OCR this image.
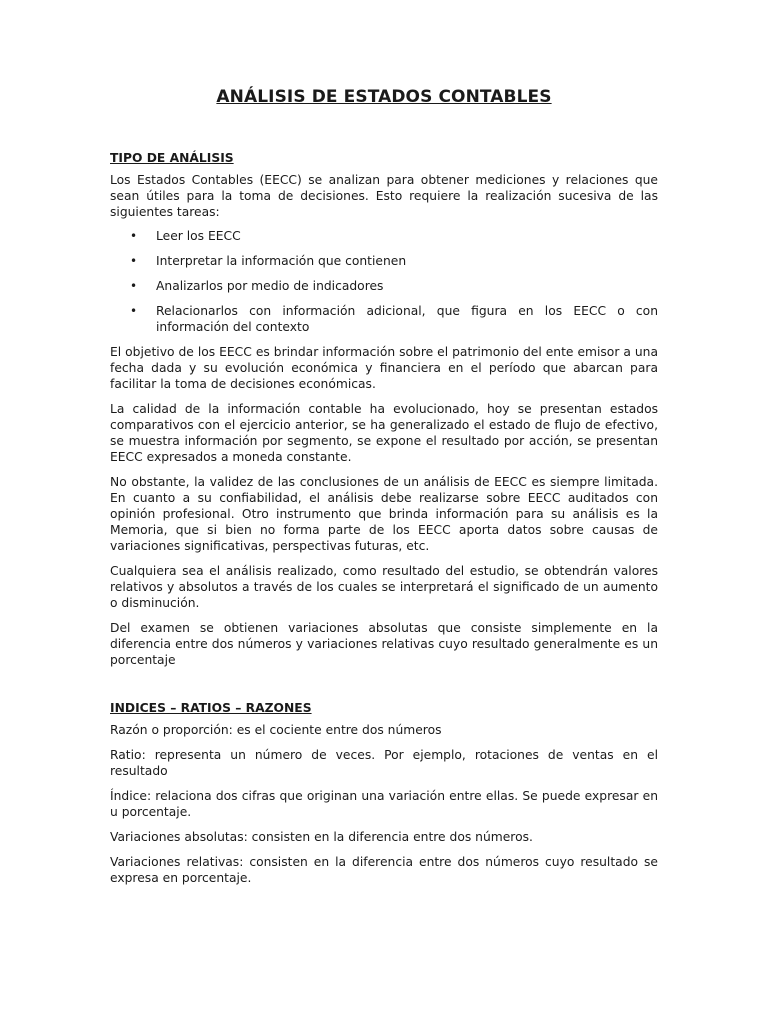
ANÁLISIS DE ESTADOS CONTABLES
TIPO DE ANÁLISIS

Los Estados Contables (EECC) se analizan para obtener mediciones y relaciones que sean útiles para la toma de decisiones. Esto requiere la realización sucesiva de las siguientes tareas:

• Leer los EECC
• Interpretar la información que contienen
• Analizarlos por medio de indicadores
• Relacionarlos con información adicional, que figura en los EECC o con información del contexto

El objetivo de los EECC es brindar información sobre el patrimonio del ente emisor a una fecha dada y su evolución económica y financiera en el período que abarcan para facilitar la toma de decisiones económicas.

La calidad de la información contable ha evolucionado, hoy se presentan estados comparativos con el ejercicio anterior, se ha generalizado el estado de flujo de efectivo, se muestra información por segmento, se expone el resultado por acción, se presentan EECC expresados a moneda constante.

No obstante, la validez de las conclusiones de un análisis de EECC es siempre limitada. En cuanto a su confiabilidad, el análisis debe realizarse sobre EECC auditados con opinión profesional. Otro instrumento que brinda información para su análisis es la Memoria, que si bien no forma parte de los EECC aporta datos sobre causas de variaciones significativas, perspectivas futuras, etc.

Cualquiera sea el análisis realizado, como resultado del estudio, se obtendrán valores relativos y absolutos a través de los cuales se interpretará el significado de un aumento o disminución.

Del examen se obtienen variaciones absolutas que consiste simplemente en la diferencia entre dos números y variaciones relativas cuyo resultado generalmente es un porcentaje

INDICES – RATIOS – RAZONES

Razón o proporción: es el cociente entre dos números

Ratio: representa un número de veces. Por ejemplo, rotaciones de ventas en el resultado

Índice: relaciona dos cifras que originan una variación entre ellas. Se puede expresar en u porcentaje.

Variaciones absolutas: consisten en la diferencia entre dos números.

Variaciones relativas: consisten en la diferencia entre dos números cuyo resultado se expresa en porcentaje.
